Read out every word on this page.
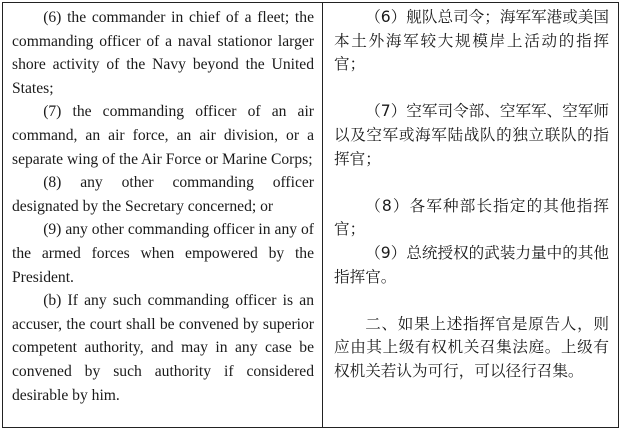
(6) the commander in chief of a fleet; the commanding officer of a naval stationor larger shore activity of the Navy beyond the United States;

(7) the commanding officer of an air command, an air force, an air division, or a separate wing of the Air Force or Marine Corps;

(8) any other commanding officer designated by the Secretary concerned; or

(9) any other commanding officer in any of the armed forces when empowered by the President.

(b) If any such commanding officer is an accuser, the court shall be convened by superior competent authority, and may in any case be convened by such authority if considered desirable by him.

（6）舰队总司令；海军军港或美国本土外海军较大规模岸上活动的指挥官；

（7）空军司令部、空军军、空军师以及空军或海军陆战队的独立联队的指挥官；

（8）各军种部长指定的其他指挥官；

（9）总统授权的武装力量中的其他指挥官。

二、如果上述指挥官是原告人，则应由其上级有权机关召集法庭。上级有权机关若认为可行，可以径行召集。
